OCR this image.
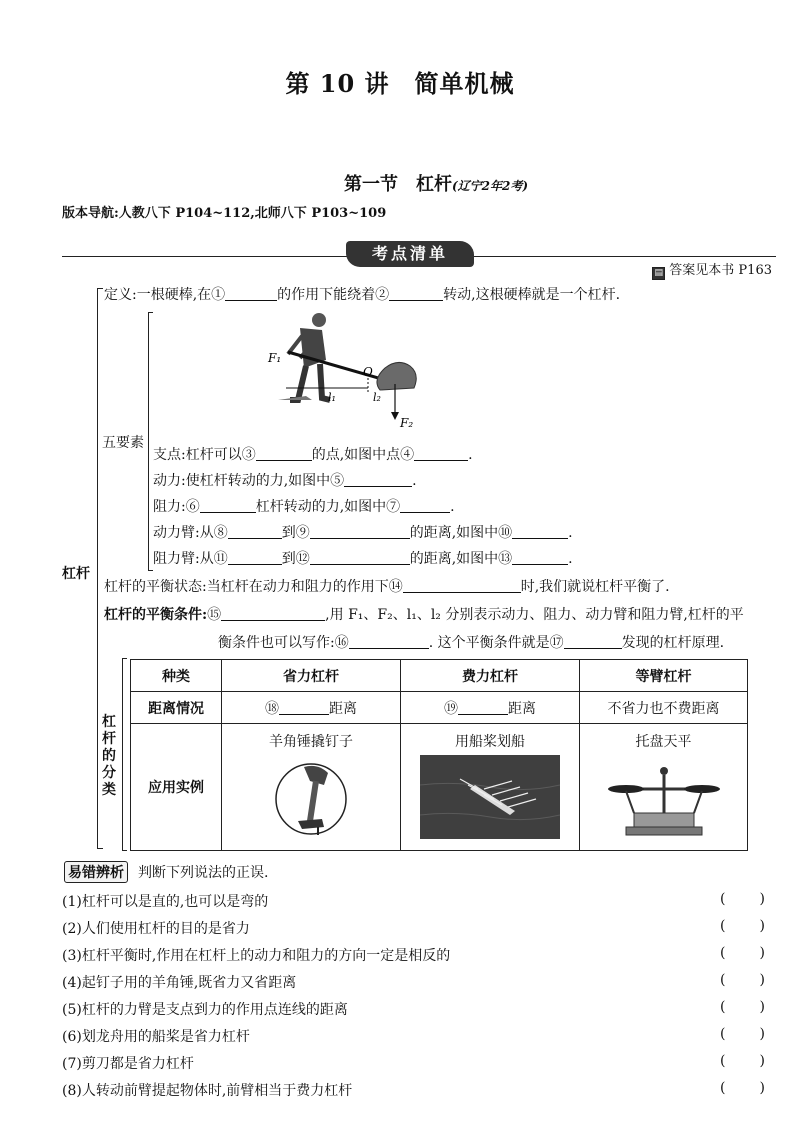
第 10 讲　简单机械
第一节　杠杆(辽宁2年2考)
版本导航:人教八下 P104~112,北师八下 P103~109
考点清单
▤ 答案见本书 P163
杠杆
五要素
杠杆的分类
定义:一根硬棒,在①	的作用下能绕着②	转动,这根硬棒就是一个杠杆.
F₁
O
l₁	l₂
F₂
支点:杠杆可以③	的点,如图中点④	.
动力:使杠杆转动的力,如图中⑤	.
阻力:⑥	杠杆转动的力,如图中⑦	.
动力臂:从⑧	到⑨	的距离,如图中⑩	.
阻力臂:从⑪	到⑫	的距离,如图中⑬	.
杠杆的平衡状态:当杠杆在动力和阻力的作用下⑭	时,我们就说杠杆平衡了.
杠杆的平衡条件:⑮	,用 F₁、F₂、l₁、l₂ 分别表示动力、阻力、动力臂和阻力臂,杠杆的平
衡条件也可以写作:⑯	. 这个平衡条件就是⑰	发现的杠杆原理.
种类	省力杠杆	费力杠杆	等臂杠杆
距离情况	⑱ 距离	⑲ 距离	不省力也不费距离
应用实例	羊角锤撬钉子	用船桨划船	托盘天平
易错辨析 判断下列说法的正误.
(1)杠杆可以是直的,也可以是弯的	()
(2)人们使用杠杆的目的是省力	()
(3)杠杆平衡时,作用在杠杆上的动力和阻力的方向一定是相反的	()
(4)起钉子用的羊角锤,既省力又省距离	()
(5)杠杆的力臂是支点到力的作用点连线的距离	()
(6)划龙舟用的船桨是省力杠杆	()
(7)剪刀都是省力杠杆	()
(8)人转动前臂提起物体时,前臂相当于费力杠杆	()
